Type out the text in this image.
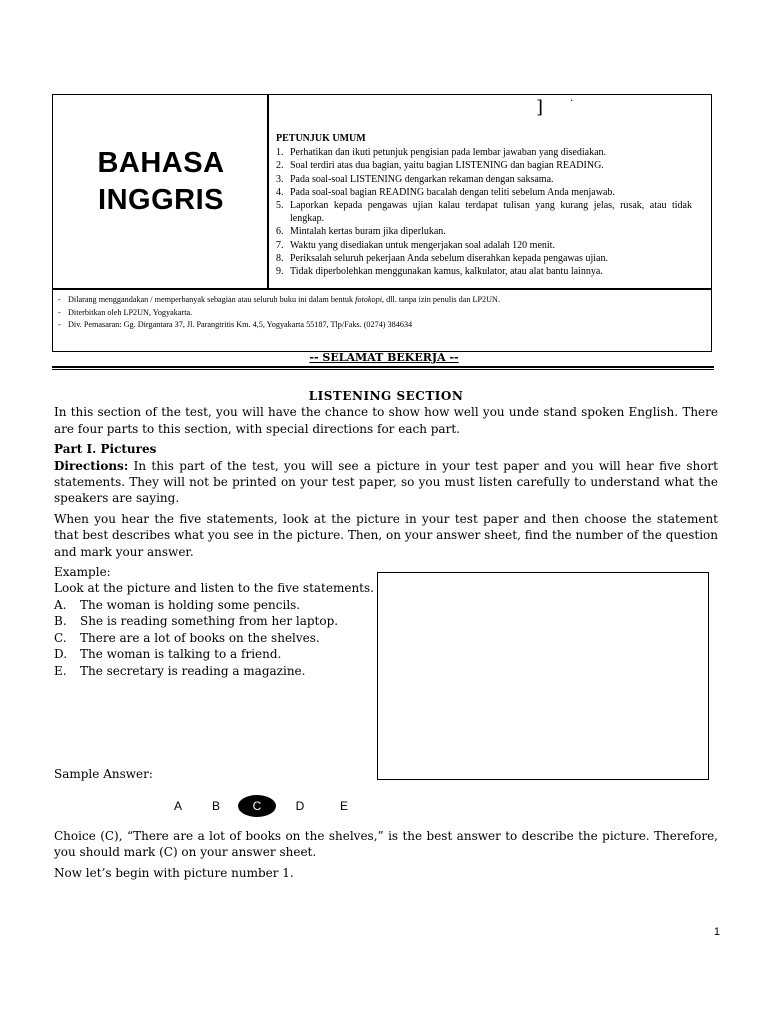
BAHASA
INGGRIS
]	·
PETUNJUK UMUM
1. Perhatikan dan ikuti petunjuk pengisian pada lembar jawaban yang disediakan.
2. Soal terdiri atas dua bagian, yaitu bagian LISTENING dan bagian READING.
3. Pada soal-soal LISTENING dengarkan rekaman dengan saksama.
4. Pada soal-soal bagian READING bacalah dengan teliti sebelum Anda menjawab.
5. Laporkan kepada pengawas ujian kalau terdapat tulisan yang kurang jelas, rusak, atau tidak lengkap.
6. Mintalah kertas buram jika diperlukan.
7. Waktu yang disediakan untuk mengerjakan soal adalah 120 menit.
8. Periksalah seluruh pekerjaan Anda sebelum diserahkan kepada pengawas ujian.
9. Tidak diperbolehkan menggunakan kamus, kalkulator, atau alat bantu lainnya.
- Dilarang menggandakan / memperbanyak sebagian atau seluruh buku ini dalam bentuk fotokopi, dll. tanpa izin penulis dan LP2UN.
- Diterbitkan oleh LP2UN, Yogyakarta.
- Div. Pemasaran: Gg. Dirgantara 37, Jl. Parangtritis Km. 4,5, Yogyakarta 55187, Tlp/Faks. (0274) 384634
-- SELAMAT BEKERJA --

LISTENING SECTION

In this section of the test, you will have the chance to show how well you unde stand spoken English. There are four parts to this section, with special directions for each part.

Part I. Pictures

Directions: In this part of the test, you will see a picture in your test paper and you will hear five short statements. They will not be printed on your test paper, so you must listen carefully to understand what the speakers are saying.

When you hear the five statements, look at the picture in your test paper and then choose the statement that best describes what you see in the picture. Then, on your answer sheet, find the number of the question and mark your answer.

Example:

Look at the picture and listen to the five statements.

A.	The woman is holding some pencils.
B.	She is reading something from her laptop.
C.	There are a lot of books on the shelves.
D.	The woman is talking to a friend.
E.	The secretary is reading a magazine.
Sample Answer:
A	B	C	D	E

Choice (C), “There are a lot of books on the shelves,” is the best answer to describe the picture. Therefore, you should mark (C) on your answer sheet.

Now let’s begin with picture number 1.

1
